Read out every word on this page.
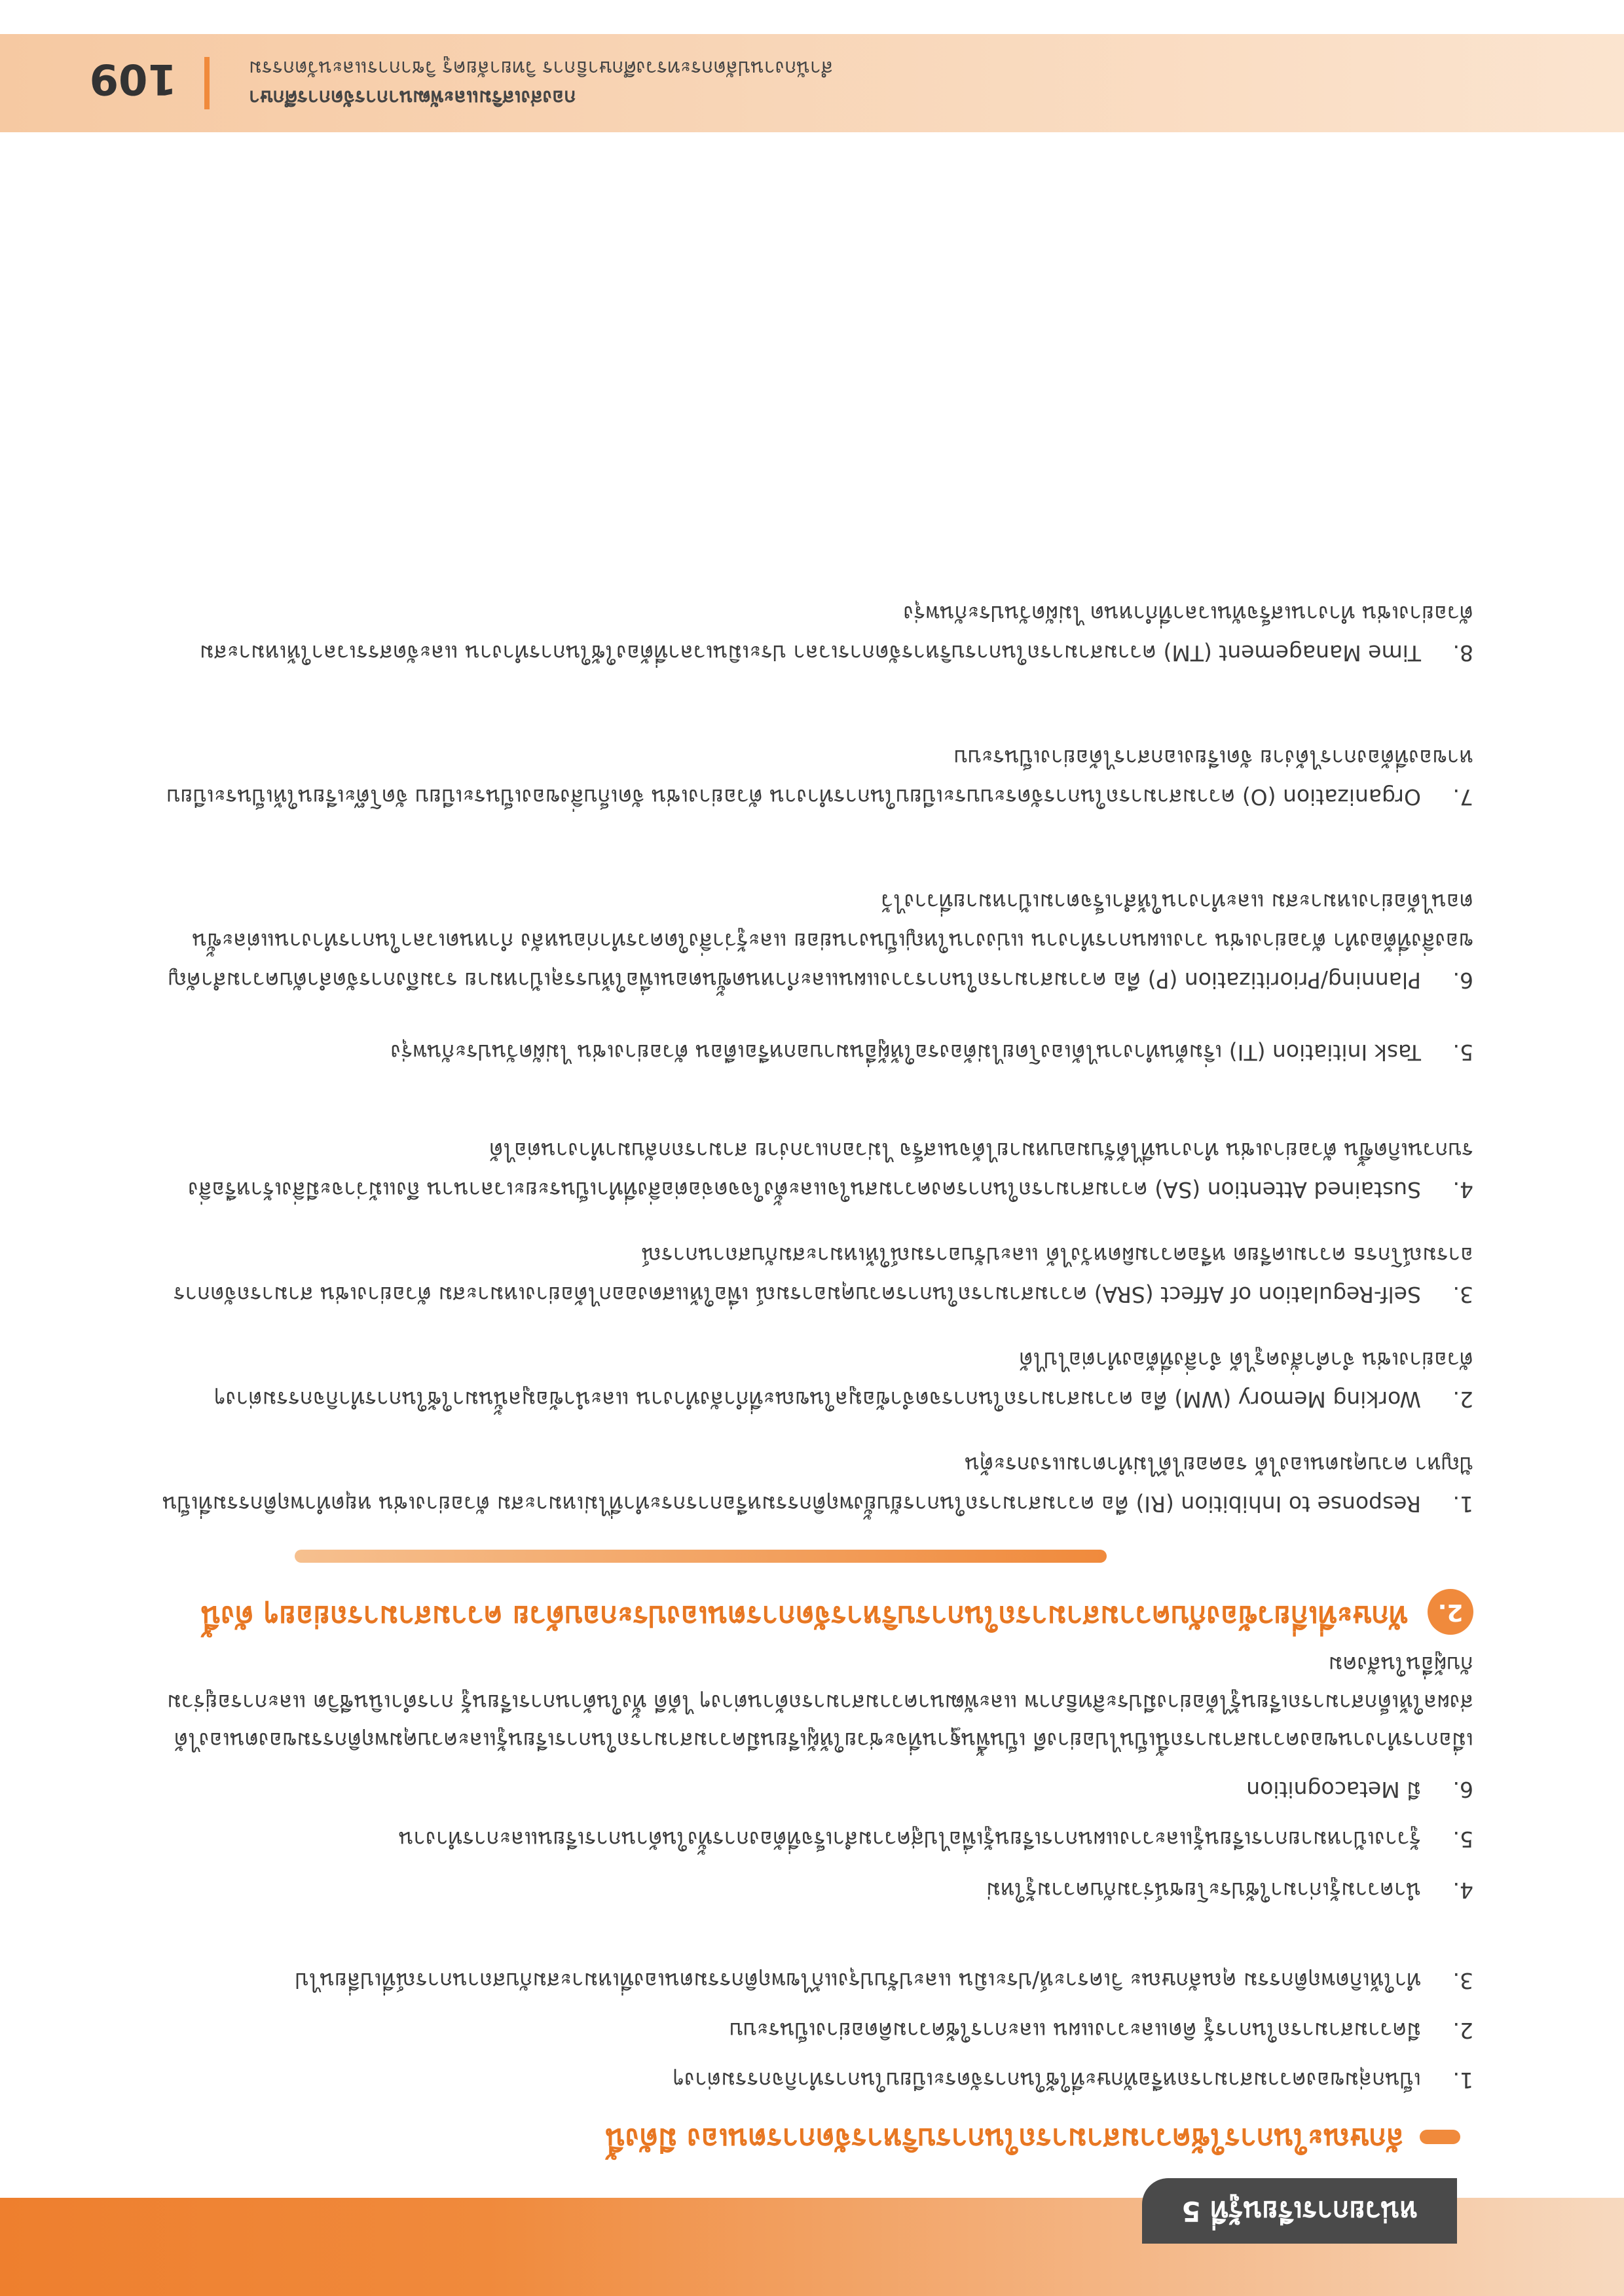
หน่วยการเรียนรู้ที่ 5
ลักษณะในการใช้ความสามารถในการบริหารจัดการตนเอง มีดังนี้
1.เป็นกลุ่มของความสามารถหรือทักษะที่ใช้ในการจัดระเบียบในการทำกิจกรรมต่างๆ
2.มีความสามารถในการรู้ คิดและวางแผน และการใช้ความคิดอย่างเป็นระบบ
3.ทำให้เกิดพฤติกรรม คุณลักษณะ วิเคราะห์/ประเมิน และปรับปรุงแก้ไขพฤติกรรมตนเองที่เหมาะสมกับสถานการณ์ที่เปลี่ยนไป
4.นำความรู้เก่ามาใช้ประโยชน์ร่วมกับความรู้ใหม่
5.รู้วางเป้าหมายการเรียนรู้และวางแผนการเรียนรู้เพื่อไปสู่ความสำเร็จที่ต้องการทั้งในด้านการเรียนและการทำงาน
6.มี Metacognition
เมื่อการทำงานของความสามารถนี้เป็นไปอย่างดี เป็นพื้นฐานที่จะช่วยให้ผู้เรียนมีความสามารถในการเรียนรู้และควบคุมพฤติกรรมของตนเองได้ ส่งผลให้เด็กสามารถเรียนรู้ได้อย่างมีประสิทธิภาพ และพัฒนาความสามารถด้านต่างๆ ได้ดี ทั้งในด้านการเรียนรู้ การดำเนินชีวิต และการอยู่ร่วมกับผู้อื่นในสังคม
2.
ทักษะที่เกี่ยวข้องกับความสามารถในการบริหารจัดการตนเองประกอบด้วย ความสามารถย่อยๆ ดังนี้
1.Response to Inhibition (RI) คือ ความสามารถในการยับยั้งพฤติกรรมหรือการกระทำที่ไม่เหมาะสม ตัวอย่างเช่น หยุดทำพฤติกรรมที่เป็นปัญหา ควบคุมตนเองได้ รอคอยได้ไม่ทำตามแรงกระตุ้น
2.Working Memory (WM) คือ ความสามารถในการจดจำข้อมูลในขณะที่กำลังทำงาน และนำข้อมูลนั้นมาใช้ในการทำกิจกรรมต่างๆ ตัวอย่างเช่น จำคำสั่งครูได้ จำสิ่งที่ต้องทำต่อไปได้
3.Self-Regulation of Affect (SRA) ความสามารถในการควบคุมอารมณ์ เพื่อให้แสดงออกได้อย่างเหมาะสม ตัวอย่างเช่น สามารถจัดการอารมณ์โกรธ ความเครียด หรือความผิดหวังได้ และปรับอารมณ์ให้เหมาะสมกับสถานการณ์
4.Sustained Attention (SA) ความสามารถในการคงความสนใจและตั้งใจจดจ่อต่อสิ่งที่ทำเป็นระยะเวลานาน ถึงแม้ว่าจะมีสิ่งเร้าหรือสิ่งรบกวนเกิดขึ้น ตัวอย่างเช่น ทำงานที่ได้รับมอบหมายได้จนเสร็จ ไม่วอกแวกง่าย สามารถกลับมาทำงานต่อได้
5.Task Initiation (TI) เริ่มต้นทำงานได้เองโดยไม่ต้องรอให้ผู้อื่นมาบอกหรือเตือน ตัวอย่างเช่น ไม่ผัดวันประกันพรุ่ง
6.Planning/Prioritization (P) คือ ความสามารถในการวางแผนและกำหนดขั้นตอนเพื่อให้บรรลุเป้าหมาย รวมถึงการจัดลำดับความสำคัญของสิ่งที่ต้องทำ ตัวอย่างเช่น วางแผนการทำงาน แบ่งงานใหญ่เป็นงานย่อย และรู้ว่าสิ่งใดควรทำก่อนหลัง กำหนดเวลาในการทำงานแต่ละขั้นตอนได้อย่างเหมาะสม และทำงานให้สำเร็จตามเป้าหมายที่วางไว้
7.Organization (O) ความสามารถในการจัดระบบระเบียบในการทำงาน ตัวอย่างเช่น จัดเก็บสิ่งของเป็นระเบียบ จัดโต๊ะเรียนให้เป็นระเบียบ หาของที่ต้องการได้ง่าย จัดเรียงเอกสารได้อย่างเป็นระบบ
8.Time Management (TM) ความสามารถในการบริหารจัดการเวลา ประเมินเวลาที่ต้องใช้ในการทำงาน และจัดสรรเวลาให้เหมาะสม ตัวอย่างเช่น ทำงานเสร็จทันเวลาที่กำหนด ไม่ผัดวันประกันพรุ่ง
109	กองส่งเสริมและพัฒนาการจัดการศึกษา
สำนักงานปลัดกระทรวงศึกษาธิการ วิทยาลัยครู วิชาการและนวัตกรรม
